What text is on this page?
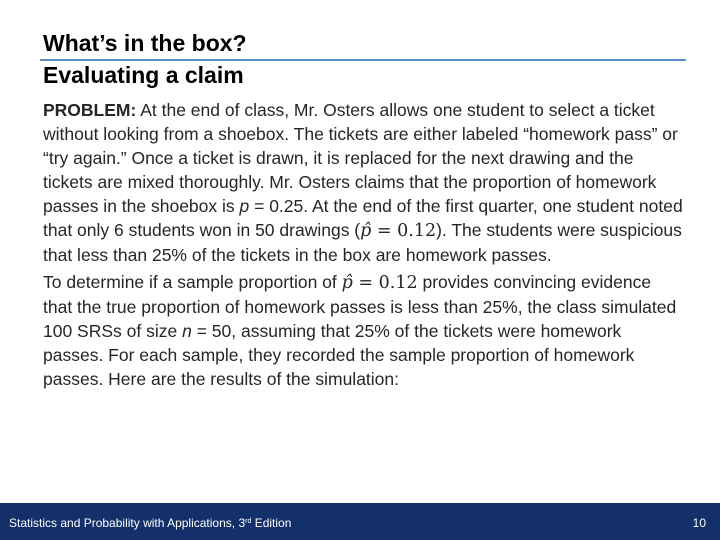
What’s in the box?
Evaluating a claim

PROBLEM: At the end of class, Mr. Osters allows one student to select a ticket without looking from a shoebox. The tickets are either labeled “homework pass” or “try again.” Once a ticket is drawn, it is replaced for the next drawing and the tickets are mixed thoroughly. Mr. Osters claims that the proportion of homework passes in the shoebox is p = 0.25. At the end of the first quarter, one student noted that only 6 students won in 50 drawings (p̂ = 0.12). The students were suspicious that less than 25% of the tickets in the box are homework passes.

To determine if a sample proportion of p̂ = 0.12 provides convincing evidence that the true proportion of homework passes is less than 25%, the class simulated 100 SRSs of size n = 50, assuming that 25% of the tickets were homework passes. For each sample, they recorded the sample proportion of homework passes. Here are the results of the simulation:

Statistics and Probability with Applications, 3rd Edition	10
